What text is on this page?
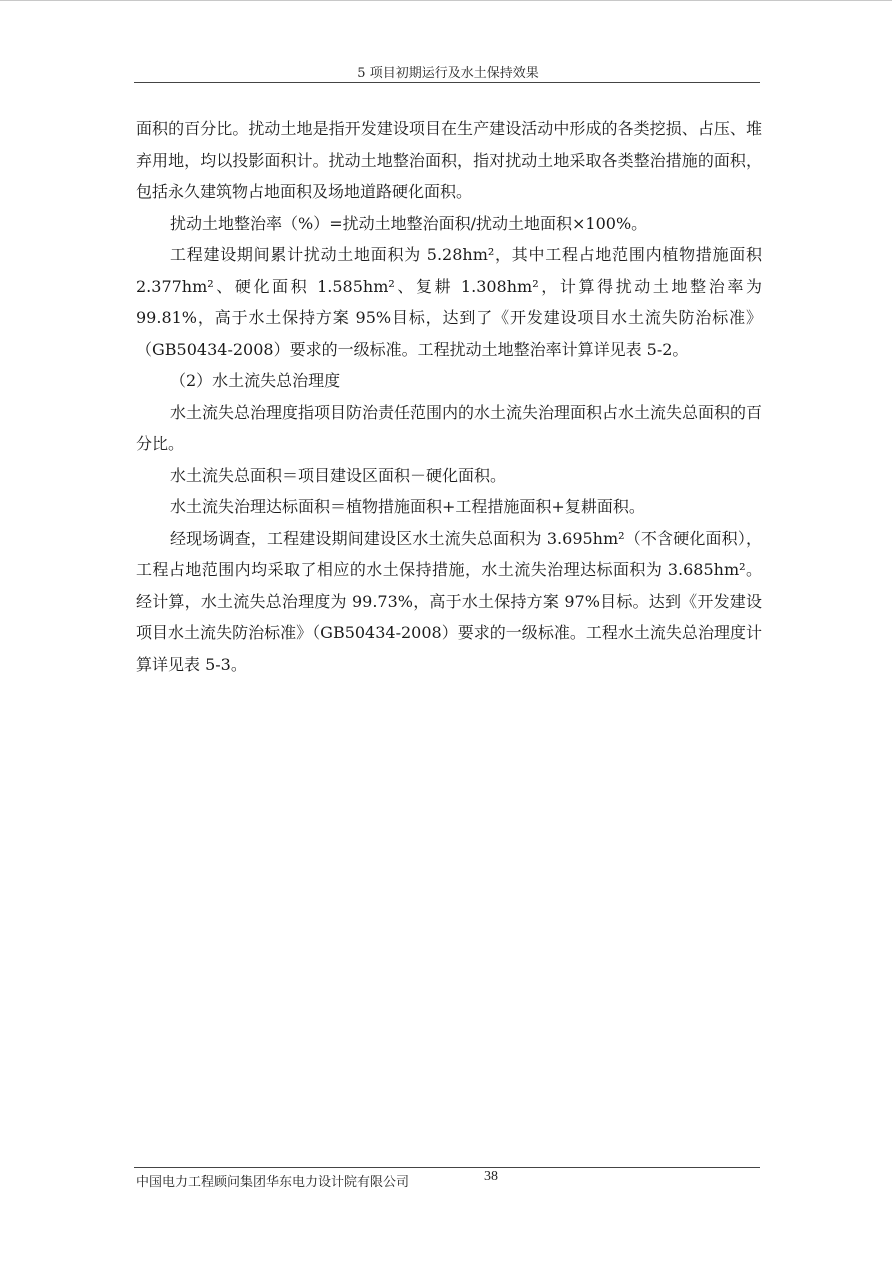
5 项目初期运行及水土保持效果

面积的百分比。扰动土地是指开发建设项目在生产建设活动中形成的各类挖损、占压、堆弃用地，均以投影面积计。扰动土地整治面积，指对扰动土地采取各类整治措施的面积，包括永久建筑物占地面积及场地道路硬化面积。

扰动土地整治率（%）=扰动土地整治面积/扰动土地面积×100%。

工程建设期间累计扰动土地面积为 5.28hm²，其中工程占地范围内植物措施面积 2.377hm²、硬化面积 1.585hm²、复耕 1.308hm²，计算得扰动土地整治率为 99.81%，高于水土保持方案 95%目标，达到了《开发建设项目水土流失防治标准》（GB50434-2008）要求的一级标准。工程扰动土地整治率计算详见表 5-2。

（2）水土流失总治理度

水土流失总治理度指项目防治责任范围内的水土流失治理面积占水土流失总面积的百分比。

水土流失总面积＝项目建设区面积－硬化面积。

水土流失治理达标面积＝植物措施面积+工程措施面积+复耕面积。

经现场调查，工程建设期间建设区水土流失总面积为 3.695hm²（不含硬化面积），工程占地范围内均采取了相应的水土保持措施，水土流失治理达标面积为 3.685hm²。经计算，水土流失总治理度为 99.73%，高于水土保持方案 97%目标。达到《开发建设项目水土流失防治标准》（GB50434-2008）要求的一级标准。工程水土流失总治理度计算详见表 5-3。

中国电力工程顾问集团华东电力设计院有限公司	38
